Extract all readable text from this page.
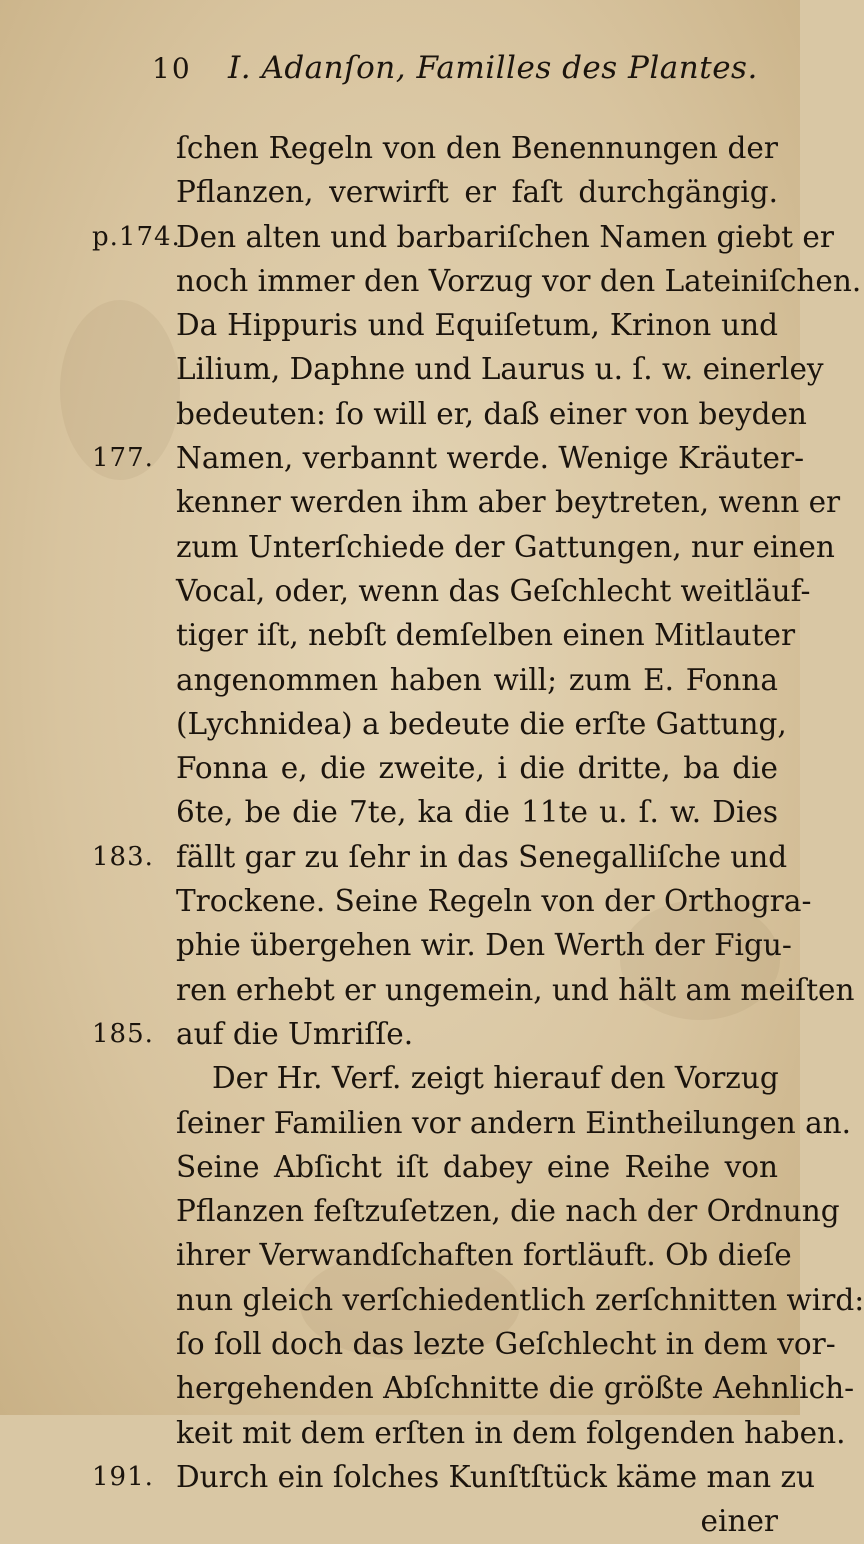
10 I. Adanſon, Familles des Plantes.
ſchen Regeln von den Benennungen der
Pflanzen, verwirft er faſt durchgängig.
p.174.
Den alten und barbariſchen Namen giebt er
noch immer den Vorzug vor den Lateiniſchen.
Da Hippuris und Equiſetum, Krinon und
Lilium, Daphne und Laurus u. ſ. w. einerley
bedeuten: ſo will er, daß einer von beyden
177. Namen, verbannt werde. Wenige Kräuter-
kenner werden ihm aber beytreten, wenn er
zum Unterſchiede der Gattungen, nur einen
Vocal, oder, wenn das Geſchlecht weitläuf-
tiger iſt, nebſt demſelben einen Mitlauter
angenommen haben will; zum E. Fonna
(Lychnidea) a bedeute die erſte Gattung,
Fonna e, die zweite, i die dritte, ba die
6te, be die 7te, ka die 11te u. ſ. w. Dies
183. fällt gar zu ſehr in das Senegalliſche und
Trockene. Seine Regeln von der Orthogra-
phie übergehen wir. Den Werth der Figu-
ren erhebt er ungemein, und hält am meiſten
185. auf die Umriſſe.
Der Hr. Verf. zeigt hierauf den Vorzug
ſeiner Familien vor andern Eintheilungen an.
Seine Abſicht iſt dabey eine Reihe von
Pflanzen feſtzuſetzen, die nach der Ordnung
ihrer Verwandſchaften fortläuft. Ob dieſe
nun gleich verſchiedentlich zerſchnitten wird:
ſo ſoll doch das lezte Geſchlecht in dem vor-
hergehenden Abſchnitte die größte Aehnlich-
keit mit dem erſten in dem folgenden haben.
191. Durch ein ſolches Kunſtſtück käme man zu
einer
